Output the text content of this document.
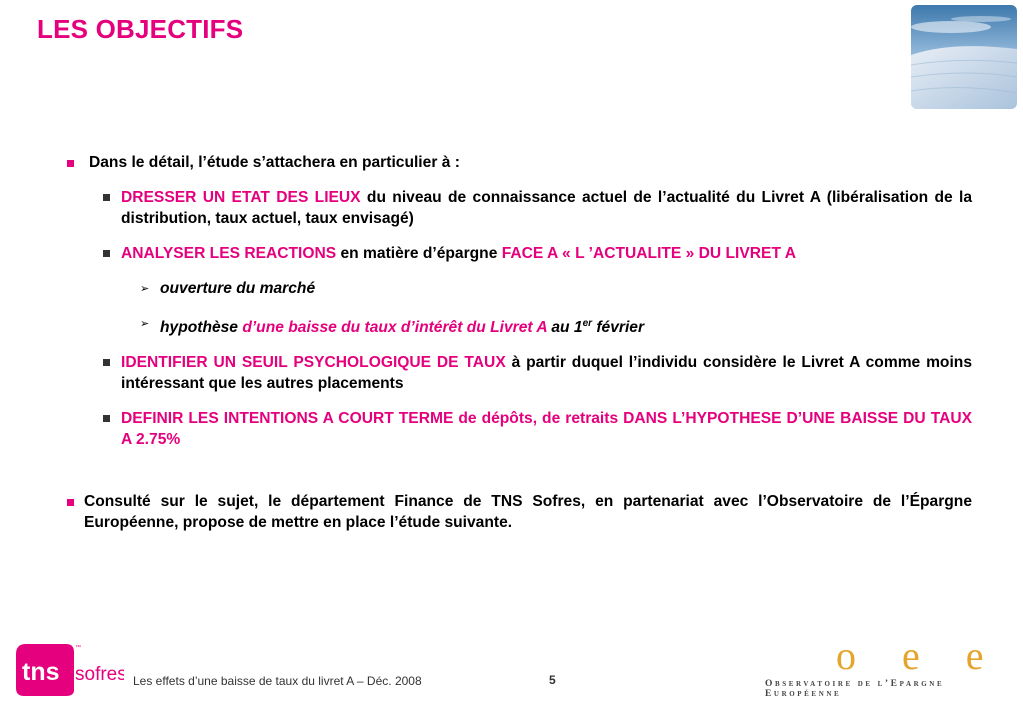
LES OBJECTIFS
Dans le détail, l’étude s’attachera en particulier à :
DRESSER UN ETAT DES LIEUX du niveau de connaissance actuel de l’actualité du Livret A (libéralisation de la distribution, taux actuel, taux envisagé)
ANALYSER LES REACTIONS en matière d’épargne FACE A « L ’ACTUALITE » DU LIVRET A
➢ ouverture du marché
➢ hypothèse d’une baisse du taux d’intérêt du Livret A au 1er février
IDENTIFIER UN SEUIL PSYCHOLOGIQUE DE TAUX à partir duquel l’individu considère le Livret A comme moins intéressant que les autres placements
DEFINIR LES INTENTIONS A COURT TERME de dépôts, de retraits DANS L’HYPOTHESE D’UNE BAISSE DU TAUX A 2.75%
Consulté sur le sujet, le département Finance de TNS Sofres, en partenariat avec l’Observatoire de l’Épargne Européenne, propose de mettre en place l’étude suivante.
tns
™
sofres Les effets d’une baisse de taux du livret A – Déc. 2008	5
o e e
Observatoire de l’Epargne Européenne
